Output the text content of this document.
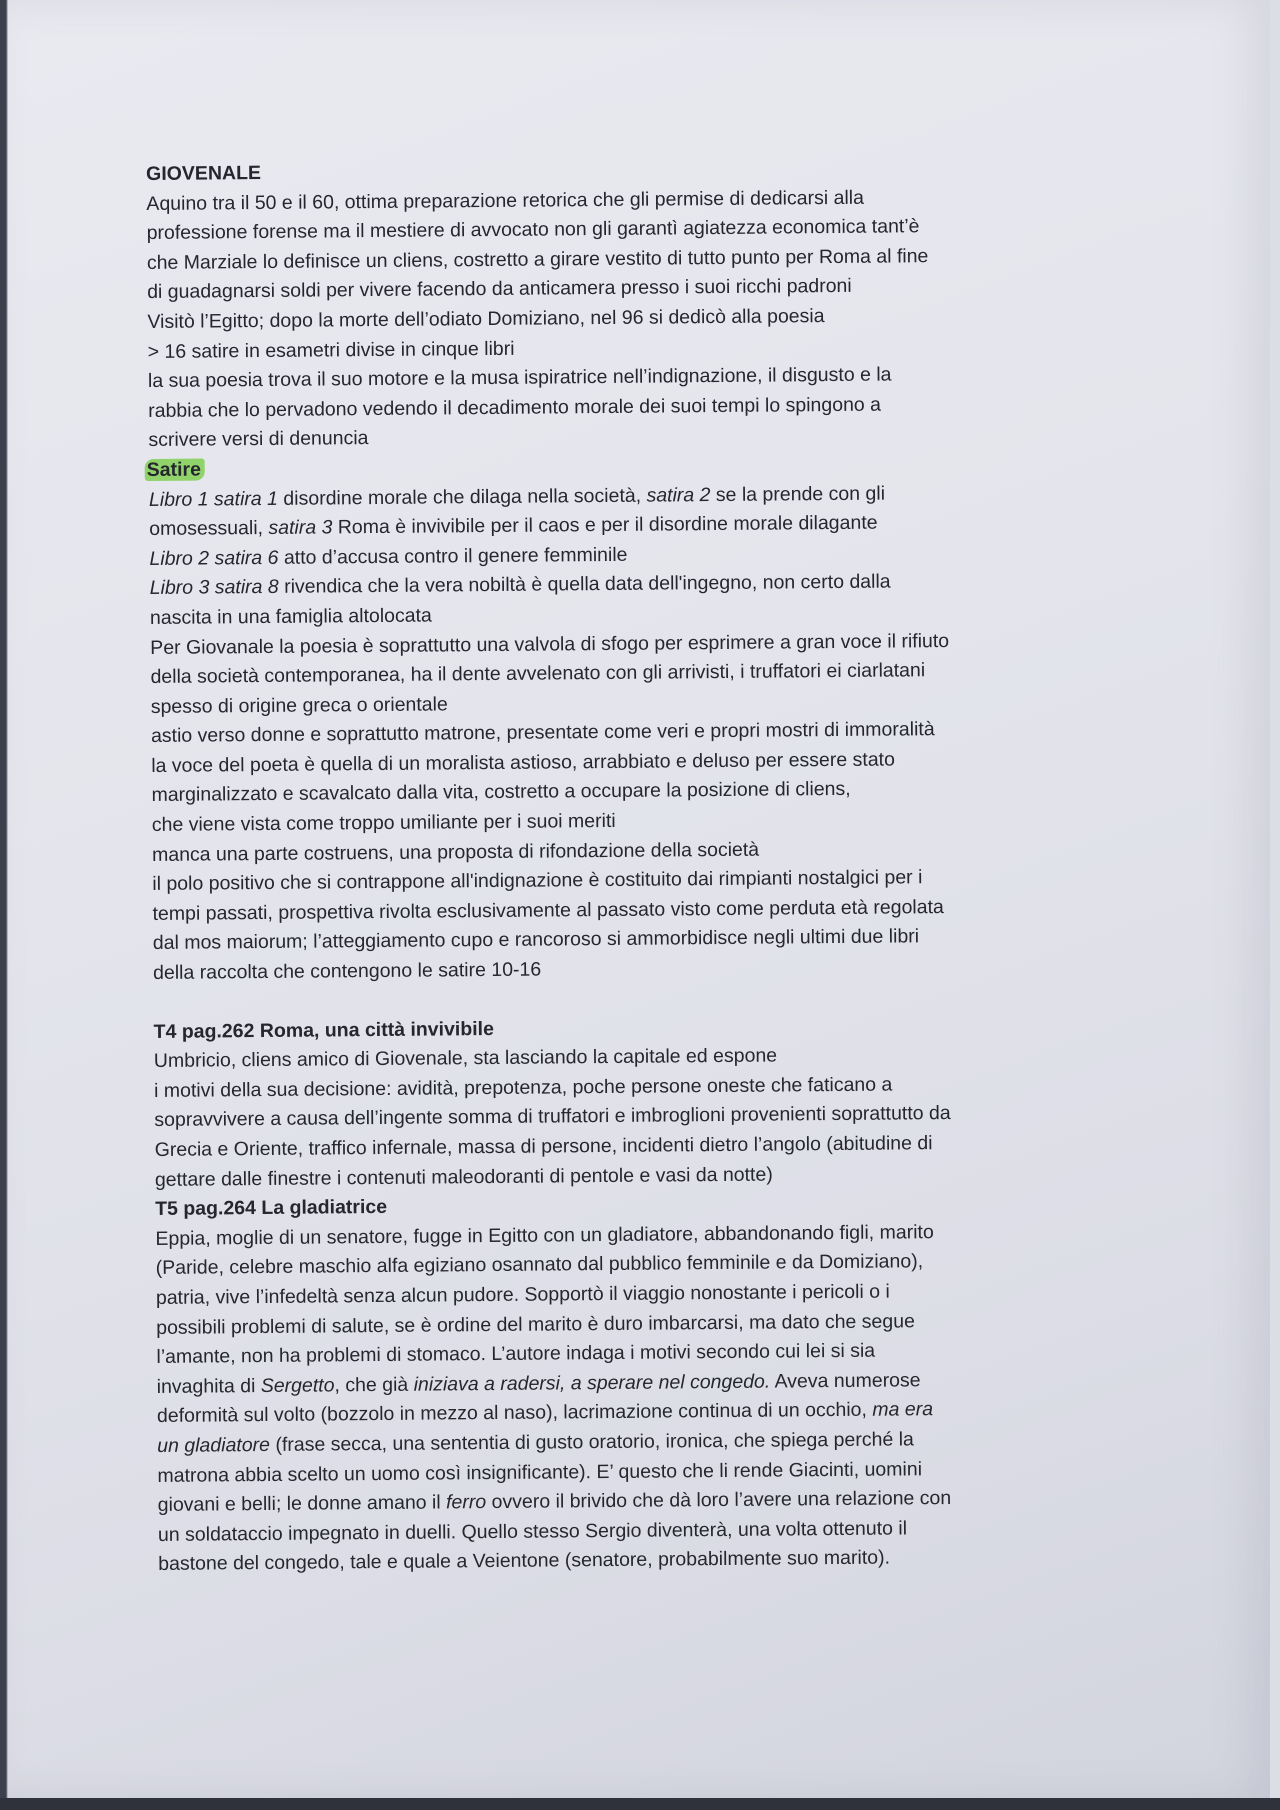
GIOVENALE

Aquino tra il 50 e il 60, ottima preparazione retorica che gli permise di dedicarsi alla

professione forense ma il mestiere di avvocato non gli garantì agiatezza economica tant’è

che Marziale lo definisce un cliens, costretto a girare vestito di tutto punto per Roma al fine

di guadagnarsi soldi per vivere facendo da anticamera presso i suoi ricchi padroni

Visitò l’Egitto; dopo la morte dell’odiato Domiziano, nel 96 si dedicò alla poesia

> 16 satire in esametri divise in cinque libri

la sua poesia trova il suo motore e la musa ispiratrice nell’indignazione, il disgusto e la

rabbia che lo pervadono vedendo il decadimento morale dei suoi tempi lo spingono a

scrivere versi di denuncia

Satire

Libro 1 satira 1 disordine morale che dilaga nella società, satira 2 se la prende con gli

omosessuali, satira 3 Roma è invivibile per il caos e per il disordine morale dilagante

Libro 2 satira 6 atto d’accusa contro il genere femminile

Libro 3 satira 8 rivendica che la vera nobiltà è quella data dell'ingegno, non certo dalla

nascita in una famiglia altolocata

Per Giovanale la poesia è soprattutto una valvola di sfogo per esprimere a gran voce il rifiuto

della società contemporanea, ha il dente avvelenato con gli arrivisti, i truffatori ei ciarlatani

spesso di origine greca o orientale

astio verso donne e soprattutto matrone, presentate come veri e propri mostri di immoralità

la voce del poeta è quella di un moralista astioso, arrabbiato e deluso per essere stato

marginalizzato e scavalcato dalla vita, costretto a occupare la posizione di cliens,

che viene vista come troppo umiliante per i suoi meriti

manca una parte costruens, una proposta di rifondazione della società

il polo positivo che si contrappone all'indignazione è costituito dai rimpianti nostalgici per i

tempi passati, prospettiva rivolta esclusivamente al passato visto come perduta età regolata

dal mos maiorum; l’atteggiamento cupo e rancoroso si ammorbidisce negli ultimi due libri

della raccolta che contengono le satire 10-16

T4 pag.262 Roma, una città invivibile

Umbricio, cliens amico di Giovenale, sta lasciando la capitale ed espone

i motivi della sua decisione: avidità, prepotenza, poche persone oneste che faticano a

sopravvivere a causa dell’ingente somma di truffatori e imbroglioni provenienti soprattutto da

Grecia e Oriente, traffico infernale, massa di persone, incidenti dietro l’angolo (abitudine di

gettare dalle finestre i contenuti maleodoranti di pentole e vasi da notte)

T5 pag.264 La gladiatrice

Eppia, moglie di un senatore, fugge in Egitto con un gladiatore, abbandonando figli, marito

(Paride, celebre maschio alfa egiziano osannato dal pubblico femminile e da Domiziano),

patria, vive l’infedeltà senza alcun pudore. Sopportò il viaggio nonostante i pericoli o i

possibili problemi di salute, se è ordine del marito è duro imbarcarsi, ma dato che segue

l’amante, non ha problemi di stomaco. L’autore indaga i motivi secondo cui lei si sia

invaghita di Sergetto, che già iniziava a radersi, a sperare nel congedo. Aveva numerose

deformità sul volto (bozzolo in mezzo al naso), lacrimazione continua di un occhio, ma era

un gladiatore (frase secca, una sententia di gusto oratorio, ironica, che spiega perché la

matrona abbia scelto un uomo così insignificante). E’ questo che li rende Giacinti, uomini

giovani e belli; le donne amano il ferro ovvero il brivido che dà loro l’avere una relazione con

un soldataccio impegnato in duelli. Quello stesso Sergio diventerà, una volta ottenuto il

bastone del congedo, tale e quale a Veientone (senatore, probabilmente suo marito).
